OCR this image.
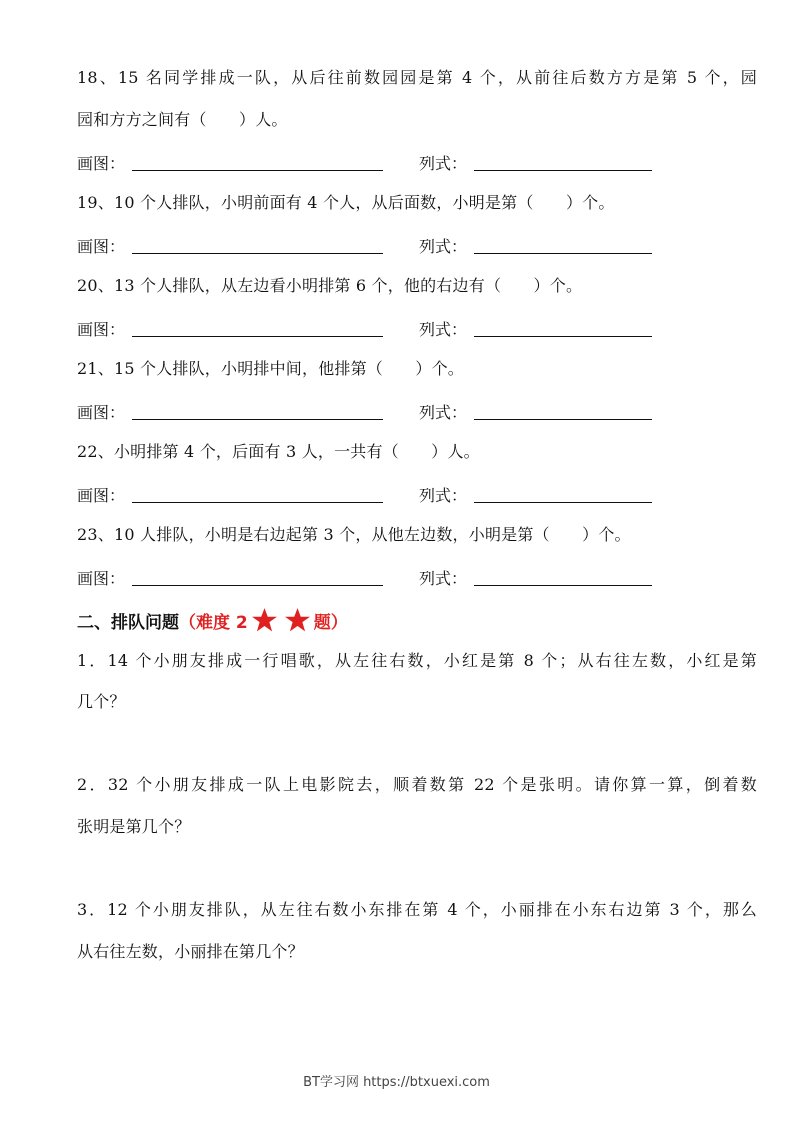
18、15 名同学排成一队，从后往前数园园是第 4 个，从前往后数方方是第 5 个，园
园和方方之间有（　　）人。
画图：	列式：
19、10 个人排队，小明前面有 4 个人，从后面数，小明是第（　　）个。
画图：	列式：
20、13 个人排队，从左边看小明排第 6 个，他的右边有（　　）个。
画图：	列式：
21、15 个人排队，小明排中间，他排第（　　）个。
画图：	列式：
22、小明排第 4 个，后面有 3 人，一共有（　　）人。
画图：	列式：
23、10 人排队，小明是右边起第 3 个，从他左边数，小明是第（　　）个。
画图：	列式：
二、排队问题 （难度 2	题）
1．14 个小朋友排成一行唱歌，从左往右数，小红是第 8 个；从右往左数，小红是第
几个？
2．32 个小朋友排成一队上电影院去，顺着数第 22 个是张明。请你算一算，倒着数
张明是第几个？
3．12 个小朋友排队，从左往右数小东排在第 4 个，小丽排在小东右边第 3 个，那么
从右往左数，小丽排在第几个？
BT学习网 https://btxuexi.com
